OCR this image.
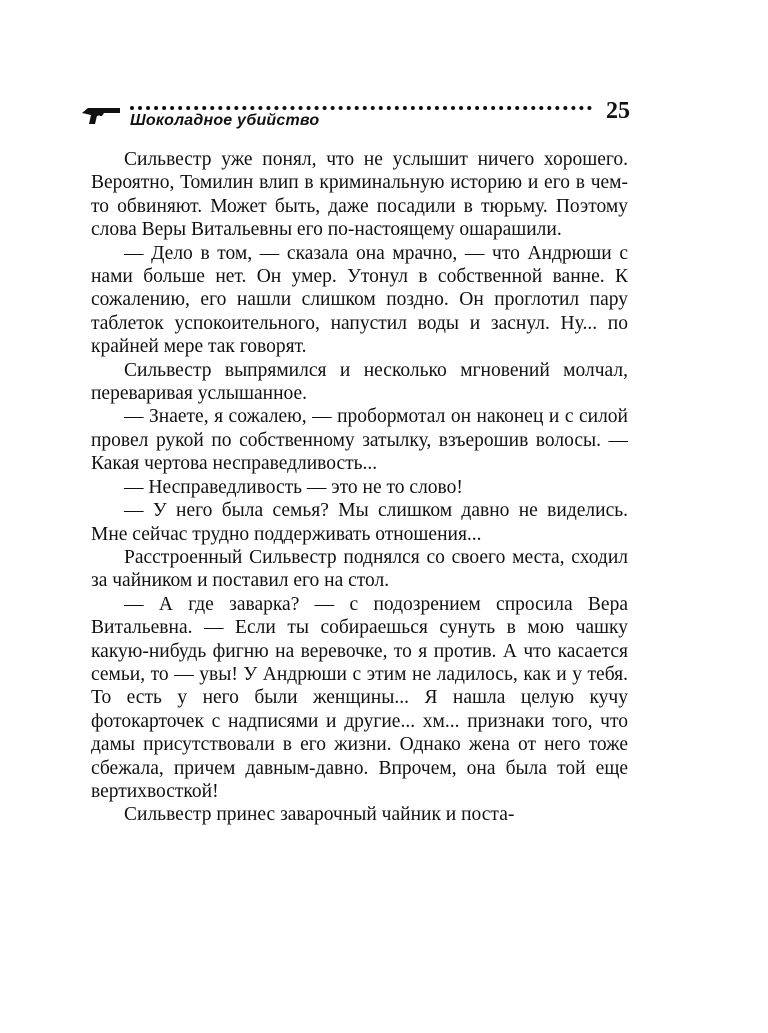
Шоколадное убийство	25

Сильвестр уже понял, что не услышит ничего хорошего. Вероятно, Томилин влип в криминальную историю и его в чем-то обвиняют. Может быть, даже посадили в тюрьму. Поэтому слова Веры Витальевны его по-настоящему ошарашили.

— Дело в том, — сказала она мрачно, — что Андрюши с нами больше нет. Он умер. Утонул в собственной ванне. К сожалению, его нашли слишком поздно. Он проглотил пару таблеток успокоительного, напустил воды и заснул. Ну... по крайней мере так говорят.

Сильвестр выпрямился и несколько мгновений молчал, переваривая услышанное.

— Знаете, я сожалею, — пробормотал он наконец и с силой провел рукой по собственному затылку, взъерошив волосы. — Какая чертова несправедливость...

— Несправедливость — это не то слово!

— У него была семья? Мы слишком давно не виделись. Мне сейчас трудно поддерживать отношения...

Расстроенный Сильвестр поднялся со своего места, сходил за чайником и поставил его на стол.

— А где заварка? — с подозрением спросила Вера Витальевна. — Если ты собираешься сунуть в мою чашку какую-нибудь фигню на веревочке, то я против. А что касается семьи, то — увы! У Андрюши с этим не ладилось, как и у тебя. То есть у него были женщины... Я нашла целую кучу фотокарточек с надписями и другие... хм... признаки того, что дамы присутствовали в его жизни. Однако жена от него тоже сбежала, причем давным-давно. Впрочем, она была той еще вертихвосткой!

Сильвестр принес заварочный чайник и поста-
